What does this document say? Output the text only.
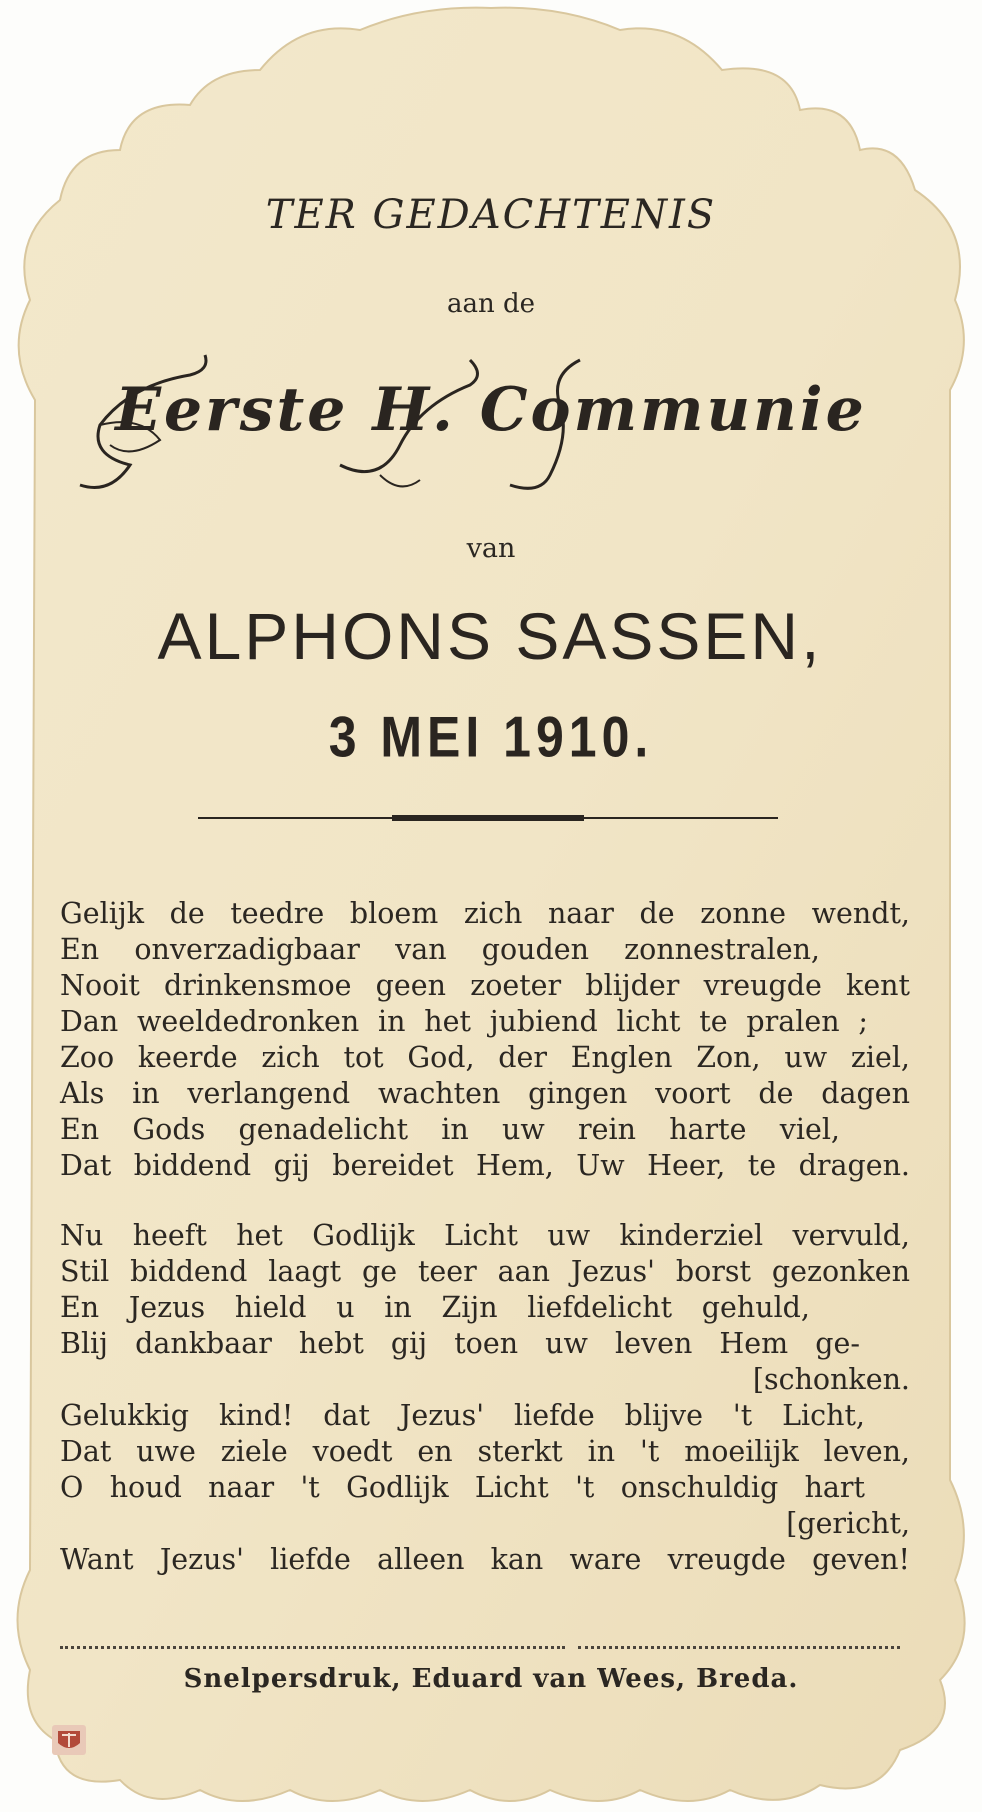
TER GEDACHTENIS
aan de
Eerste H. Communie
van
ALPHONS SASSEN,
3 MEI 1910.
Gelijk de teedre bloem zich naar de zonne wendt,
En onverzadigbaar van gouden zonnestralen,
Nooit drinkensmoe geen zoeter blijder vreugde kent
Dan weeldedronken in het jubiend licht te pralen ;
Zoo keerde zich tot God, der Englen Zon, uw ziel,
Als in verlangend wachten gingen voort de dagen
En Gods genadelicht in uw rein harte viel,
Dat biddend gij bereidet Hem, Uw Heer, te dragen.
Nu heeft het Godlijk Licht uw kinderziel vervuld,
Stil biddend laagt ge teer aan Jezus' borst gezonken
En Jezus hield u in Zijn liefdelicht gehuld,
Blij dankbaar hebt gij toen uw leven Hem ge-
[schonken.
Gelukkig kind! dat Jezus' liefde blijve 't Licht,
Dat uwe ziele voedt en sterkt in 't moeilijk leven,
O houd naar 't Godlijk Licht 't onschuldig hart
[gericht,
Want Jezus' liefde alleen kan ware vreugde geven!
Snelpersdruk, Eduard van Wees, Breda.
